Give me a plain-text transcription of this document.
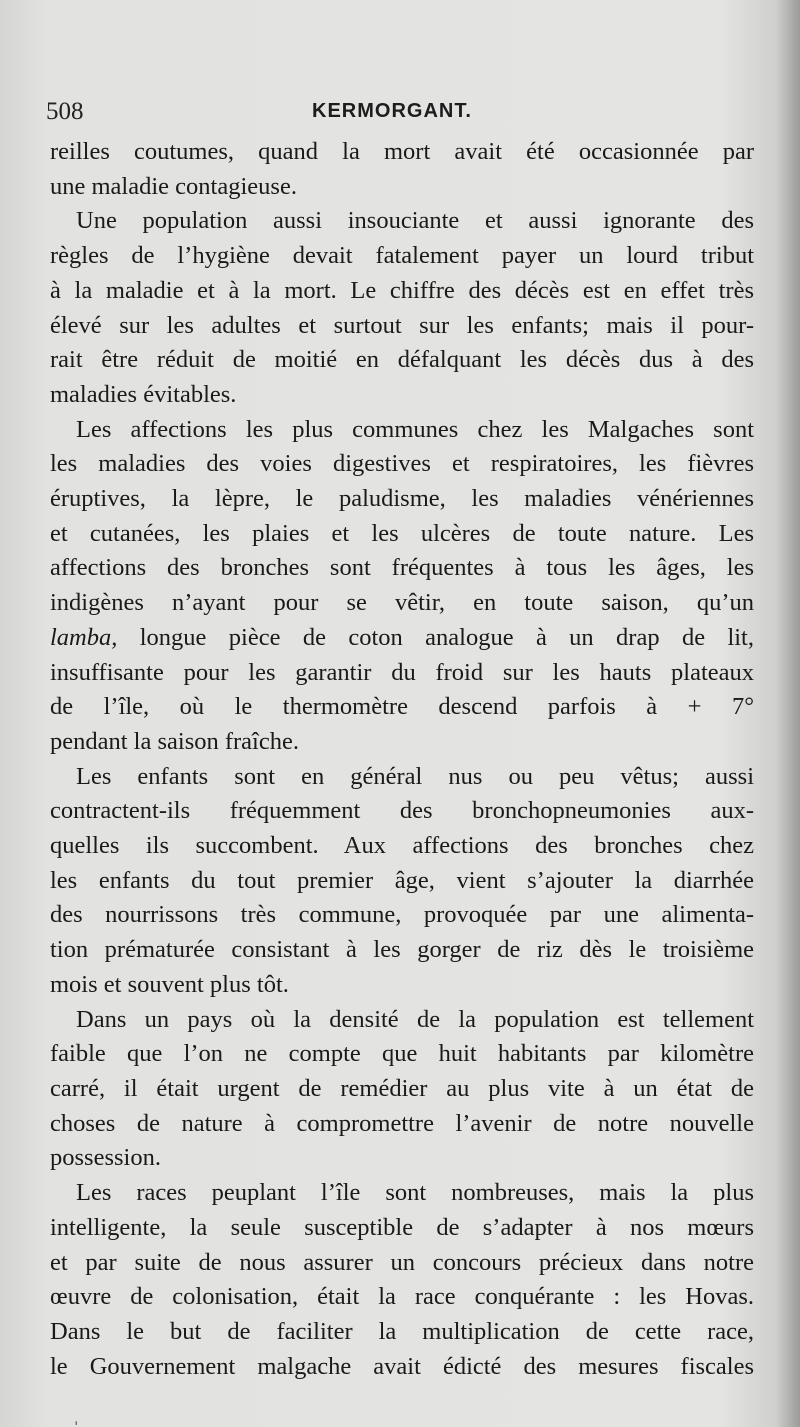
508	KERMORGANT.

reilles coutumes, quand la mort avait été occasionnée par
une maladie contagieuse.

Une population aussi insouciante et aussi ignorante des
règles de l’hygiène devait fatalement payer un lourd tribut
à la maladie et à la mort. Le chiffre des décès est en effet très
élevé sur les adultes et surtout sur les enfants; mais il pour-
rait être réduit de moitié en défalquant les décès dus à des
maladies évitables.

Les affections les plus communes chez les Malgaches sont
les maladies des voies digestives et respiratoires, les fièvres
éruptives, la lèpre, le paludisme, les maladies vénériennes
et cutanées, les plaies et les ulcères de toute nature. Les
affections des bronches sont fréquentes à tous les âges, les
indigènes n’ayant pour se vêtir, en toute saison, qu’un
lamba, longue pièce de coton analogue à un drap de lit,
insuffisante pour les garantir du froid sur les hauts plateaux
de l’île, où le thermomètre descend parfois à + 7°
pendant la saison fraîche.

Les enfants sont en général nus ou peu vêtus; aussi
contractent-ils fréquemment des bronchopneumonies aux-
quelles ils succombent. Aux affections des bronches chez
les enfants du tout premier âge, vient s’ajouter la diarrhée
des nourrissons très commune, provoquée par une alimenta-
tion prématurée consistant à les gorger de riz dès le troisième
mois et souvent plus tôt.

Dans un pays où la densité de la population est tellement
faible que l’on ne compte que huit habitants par kilomètre
carré, il était urgent de remédier au plus vite à un état de
choses de nature à compromettre l’avenir de notre nouvelle
possession.

Les races peuplant l’île sont nombreuses, mais la plus
intelligente, la seule susceptible de s’adapter à nos mœurs
et par suite de nous assurer un concours précieux dans notre
œuvre de colonisation, était la race conquérante : les Hovas.
Dans le but de faciliter la multiplication de cette race,
le Gouvernement malgache avait édicté des mesures fiscales

ˌ
